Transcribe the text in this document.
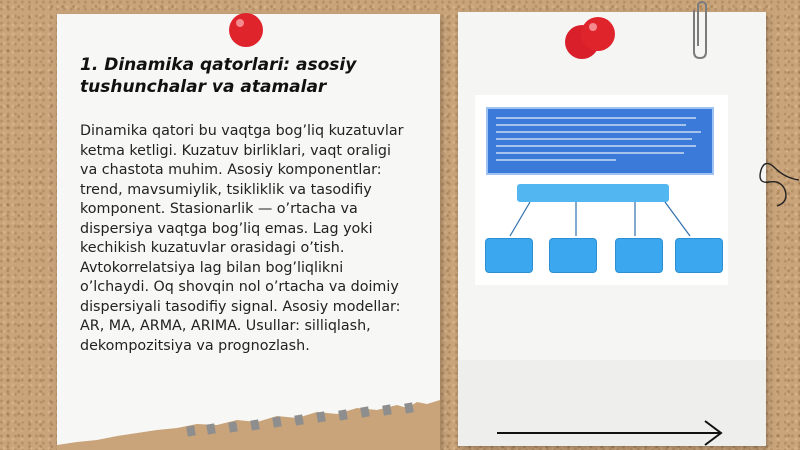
1. Dinamika qatorlari: asosiy
tushunchalar va atamalar
Dinamika qatori bu vaqtga bog’liq kuzatuvlar
ketma ketligi. Kuzatuv birliklari, vaqt oraligi
va chastota muhim. Asosiy komponentlar:
trend, mavsumiylik, tsikliklik va tasodifiy
komponent. Stasionarlik — o’rtacha va
dispersiya vaqtga bog’liq emas. Lag yoki
kechikish kuzatuvlar orasidagi o’tish.
Avtokorrelatsiya lag bilan bog’liqlikni
o’lchaydi. Oq shovqin nol o’rtacha va doimiy
dispersiyali tasodifiy signal. Asosiy modellar:
AR, MA, ARMA, ARIMA. Usullar: silliqlash,
dekompozitsiya va prognozlash.
